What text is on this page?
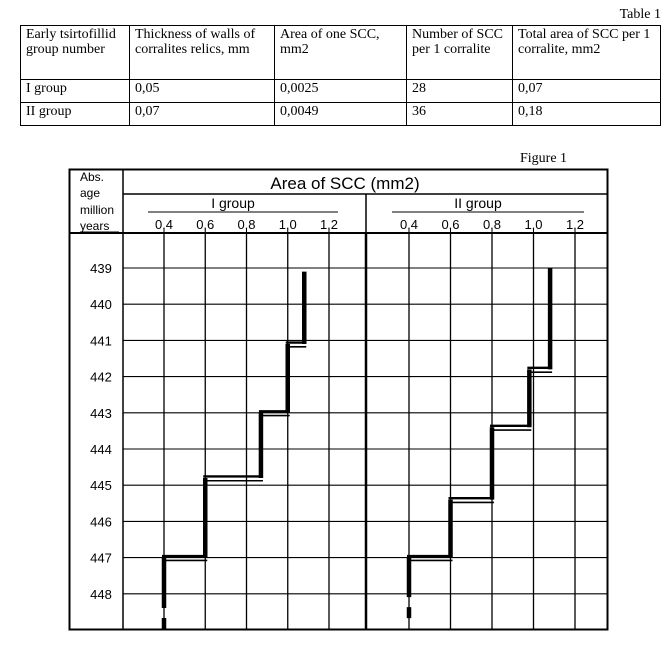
Table 1
Early tsirtofillid group number	Thickness of walls of corralites relics, mm	Area of one SCC, mm2	Number of SCC per 1 corralite	Total area of SCC per 1 corralite, mm2
I group	0,05	0,0025	28	0,07
II group	0,07	0,0049	36	0,18
Figure 1
Area of SCC (mm2)
Abs.
age
million
years
I group	II group
0,4 0,6 0,8 1,0 1,2	0,4 0,6 0,8 1,0 1,2
439
440
441
442
443
444
445
446
447
448
